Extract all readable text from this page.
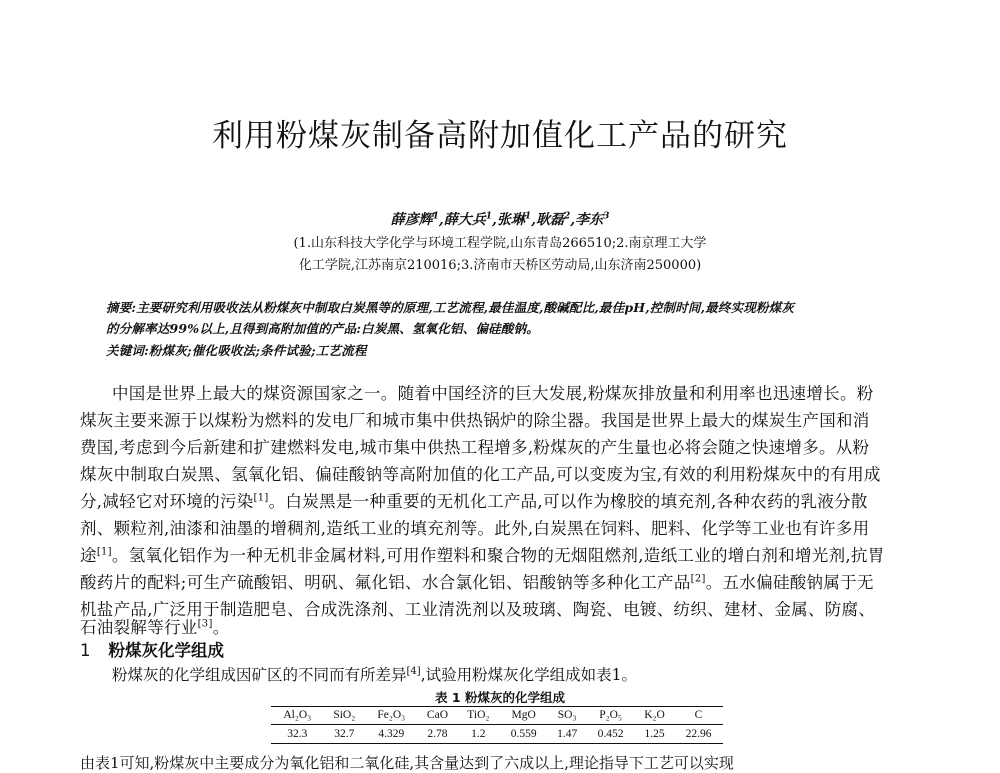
利用粉煤灰制备高附加值化工产品的研究
薛彦辉$^1$,薛大兵$^1$,张琳$^1$,耿磊$^2$,李东$^3$
(1.山东科技大学化学与环境工程学院,山东青岛266510;2.南京理工大学
化工学院,江苏南京210016;3.济南市天桥区劳动局,山东济南250000)
摘要:主要研究利用吸收法从粉煤灰中制取白炭黑等的原理,工艺流程,最佳温度,酸碱配比,最佳pH,控制时间,最终实现粉煤灰
的分解率达99%以上,且得到高附加值的产品:白炭黑、氢氧化铝、偏硅酸钠。
关键词:粉煤灰;催化吸收法;条件试验;工艺流程
中国是世界上最大的煤资源国家之一。随着中国经济的巨大发展,粉煤灰排放量和利用率也迅速增长。粉
煤灰主要来源于以煤粉为燃料的发电厂和城市集中供热锅炉的除尘器。我国是世界上最大的煤炭生产国和消
费国,考虑到今后新建和扩建燃料发电,城市集中供热工程增多,粉煤灰的产生量也必将会随之快速增多。从粉
煤灰中制取白炭黑、氢氧化铝、偏硅酸钠等高附加值的化工产品,可以变废为宝,有效的利用粉煤灰中的有用成
分,减轻它对环境的污染[1]。白炭黑是一种重要的无机化工产品,可以作为橡胶的填充剂,各种农药的乳液分散
剂、颗粒剂,油漆和油墨的增稠剂,造纸工业的填充剂等。此外,白炭黑在饲料、肥料、化学等工业也有许多用
途[1]。氢氧化铝作为一种无机非金属材料,可用作塑料和聚合物的无烟阻燃剂,造纸工业的增白剂和增光剂,抗胃
酸药片的配料;可生产硫酸铝、明矾、氟化铝、水合氯化铝、铝酸钠等多种化工产品[2]。五水偏硅酸钠属于无
机盐产品,广泛用于制造肥皂、合成洗涤剂、工业清洗剂以及玻璃、陶瓷、电镀、纺织、建材、金属、防腐、
石油裂解等行业[3]。
1 粉煤灰化学组成
粉煤灰的化学组成因矿区的不同而有所差异[4],试验用粉煤灰化学组成如表1。
表 1 粉煤灰的化学组成
Al₂O₃	SiO₂	Fe₂O₃	CaO	TiO₂	MgO	SO₃	P₂O₅	K₂O	C
32.3	32.7	4.329	2.78	1.2	0.559	1.47	0.452	1.25	22.96
由表1可知,粉煤灰中主要成分为氧化铝和二氧化硅,其含量达到了六成以上,理论指导下工艺可以实现
